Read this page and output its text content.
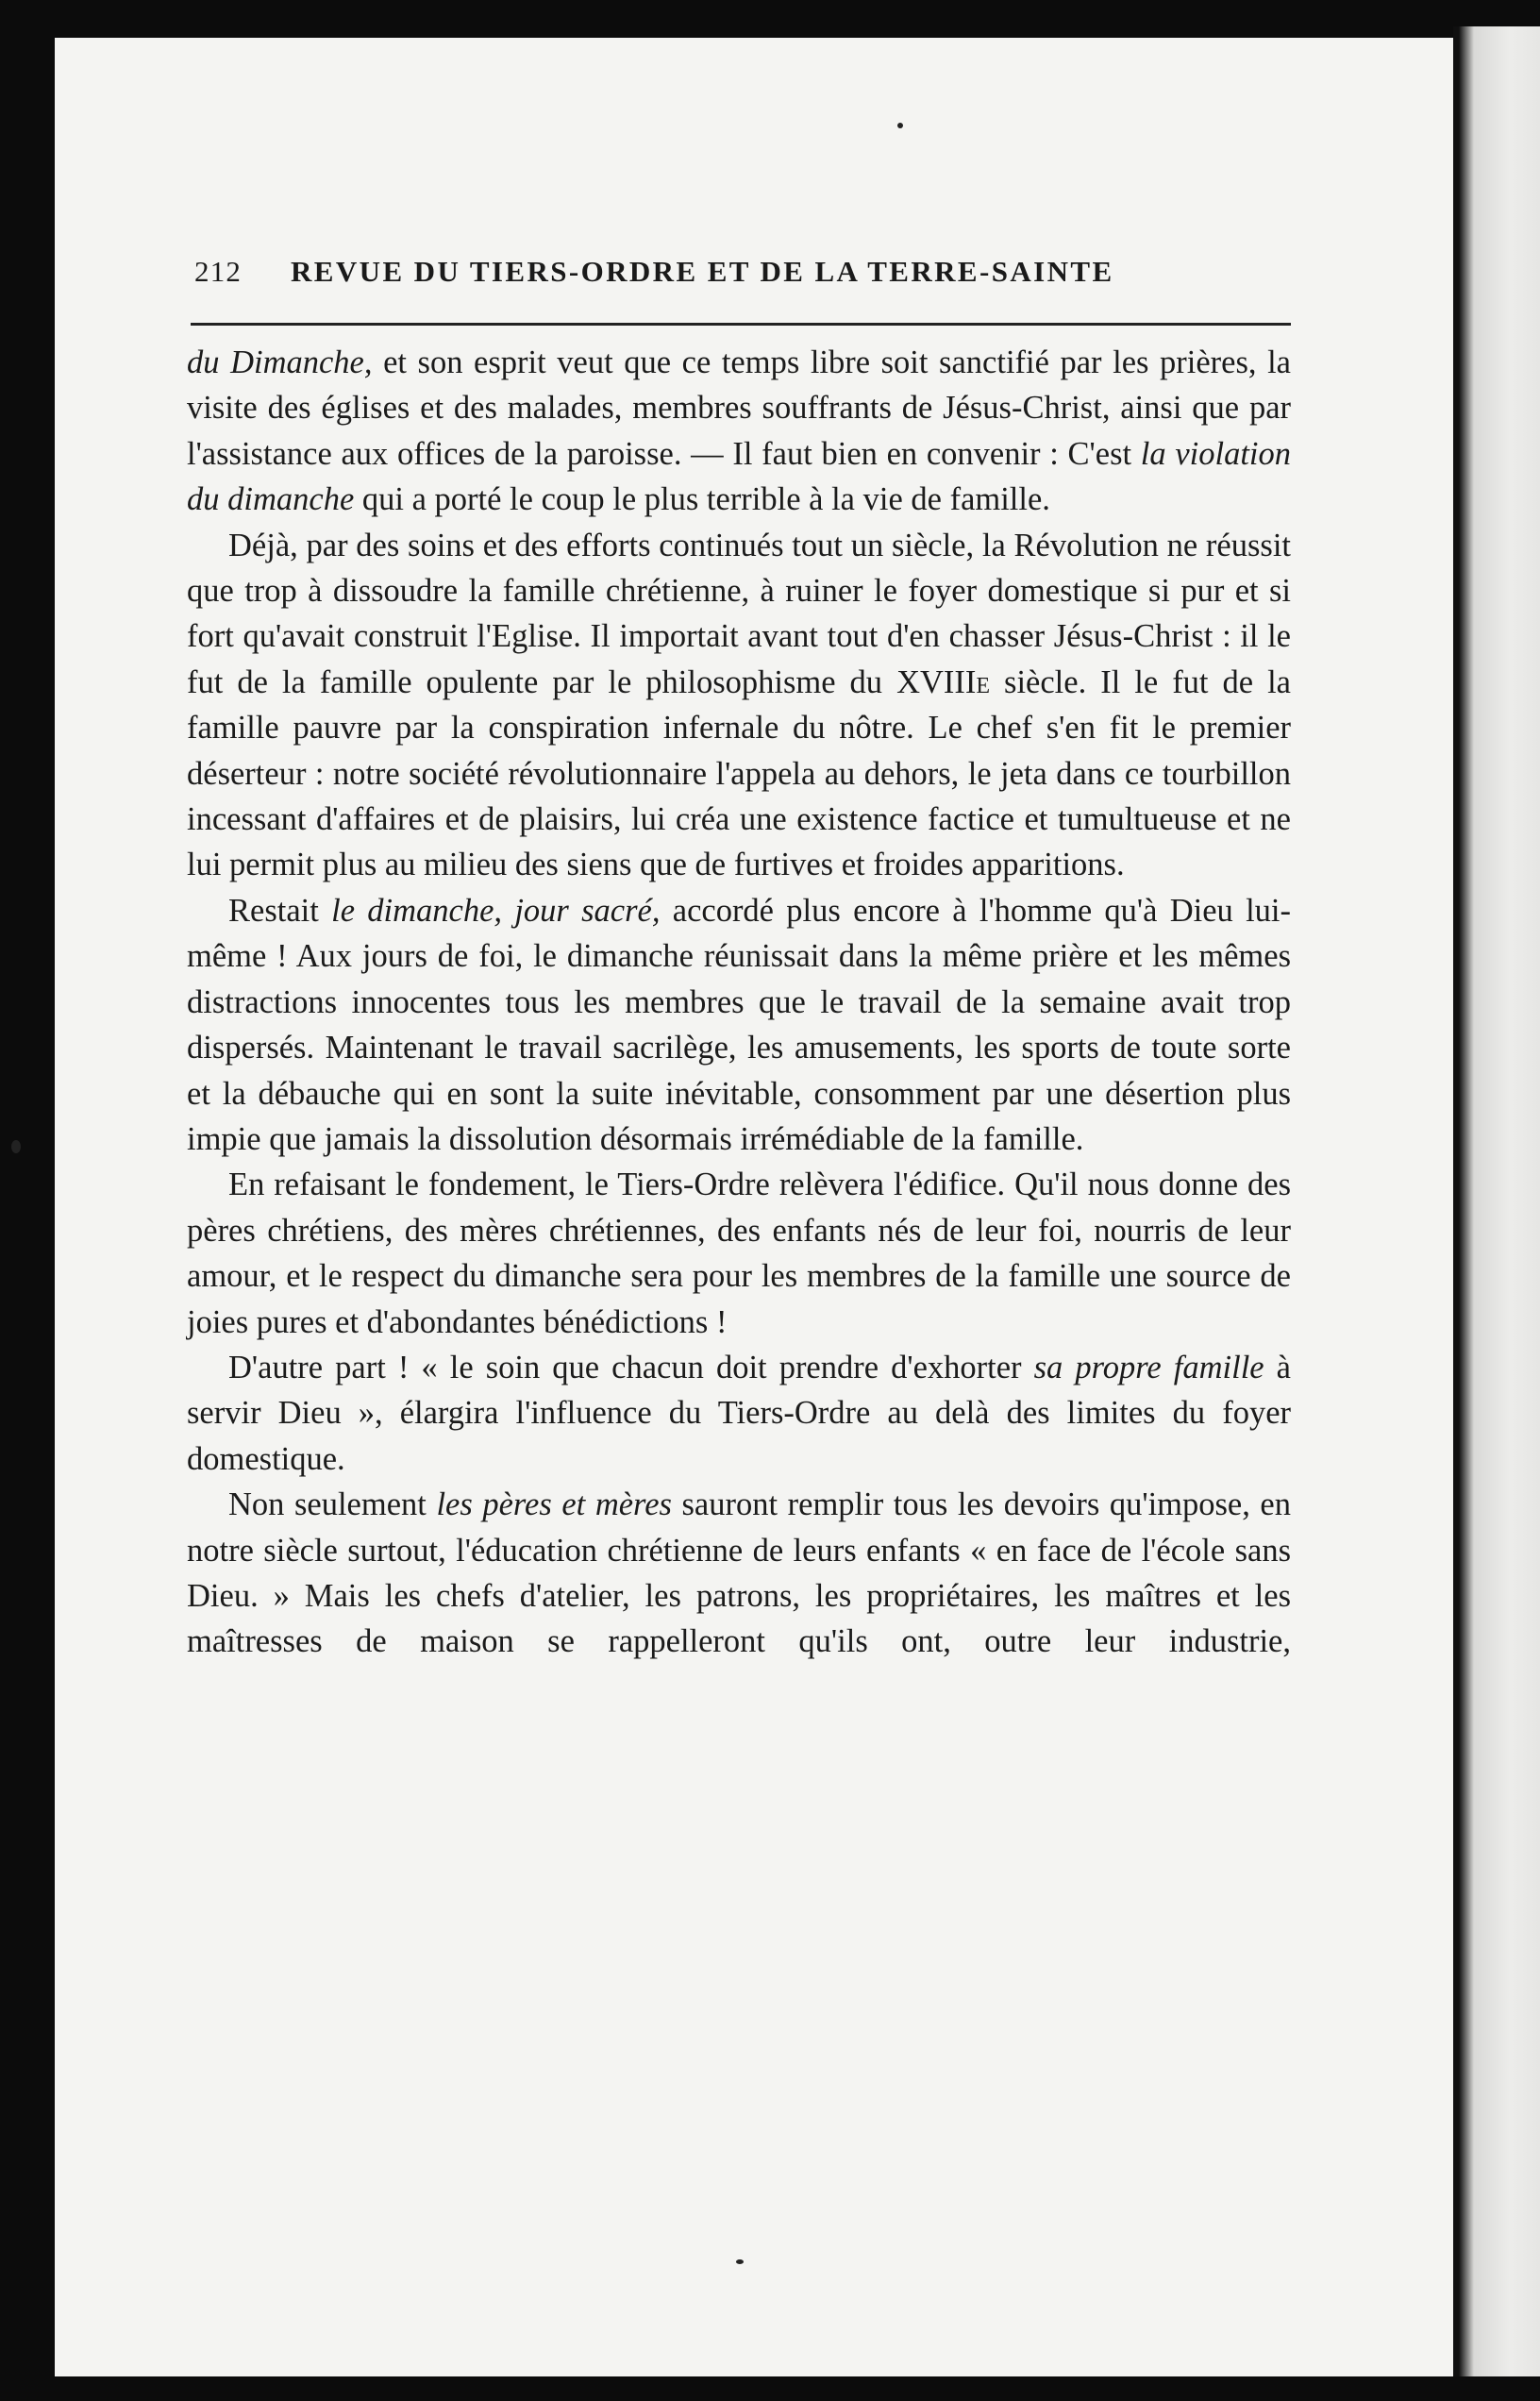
212 REVUE DU TIERS-ORDRE ET DE LA TERRE-SAINTE

du Dimanche, et son esprit veut que ce temps libre soit sanctifié par les prières, la visite des églises et des malades, membres souffrants de Jésus-Christ, ainsi que par l'assistance aux offices de la paroisse. — Il faut bien en convenir : C'est la violation du dimanche qui a porté le coup le plus terrible à la vie de famille.

Déjà, par des soins et des efforts continués tout un siècle, la Révolution ne réussit que trop à dissoudre la famille chrétienne, à ruiner le foyer domestique si pur et si fort qu'avait construit l'Eglise. Il importait avant tout d'en chasser Jésus-Christ : il le fut de la famille opulente par le philosophisme du XVIIIe siècle. Il le fut de la famille pauvre par la conspiration infernale du nôtre. Le chef s'en fit le premier déserteur : notre société révolutionnaire l'appela au dehors, le jeta dans ce tourbillon incessant d'affaires et de plaisirs, lui créa une existence factice et tumultueuse et ne lui permit plus au milieu des siens que de furtives et froides apparitions.

Restait le dimanche, jour sacré, accordé plus encore à l'homme qu'à Dieu lui-même ! Aux jours de foi, le dimanche réunissait dans la même prière et les mêmes distractions innocentes tous les membres que le travail de la semaine avait trop dispersés. Maintenant le travail sacrilège, les amusements, les sports de toute sorte et la débauche qui en sont la suite inévitable, consomment par une désertion plus impie que jamais la dissolution désormais irrémédiable de la famille.

En refaisant le fondement, le Tiers-Ordre relèvera l'édifice. Qu'il nous donne des pères chrétiens, des mères chrétiennes, des enfants nés de leur foi, nourris de leur amour, et le respect du dimanche sera pour les membres de la famille une source de joies pures et d'abondantes bénédictions !

D'autre part ! « le soin que chacun doit prendre d'exhorter sa propre famille à servir Dieu », élargira l'influence du Tiers-Ordre au delà des limites du foyer domestique.

Non seulement les pères et mères sauront remplir tous les devoirs qu'impose, en notre siècle surtout, l'éducation chrétienne de leurs enfants « en face de l'école sans Dieu. » Mais les chefs d'atelier, les patrons, les propriétaires, les maîtres et les maîtresses de maison se rappelleront qu'ils ont, outre leur industrie,
